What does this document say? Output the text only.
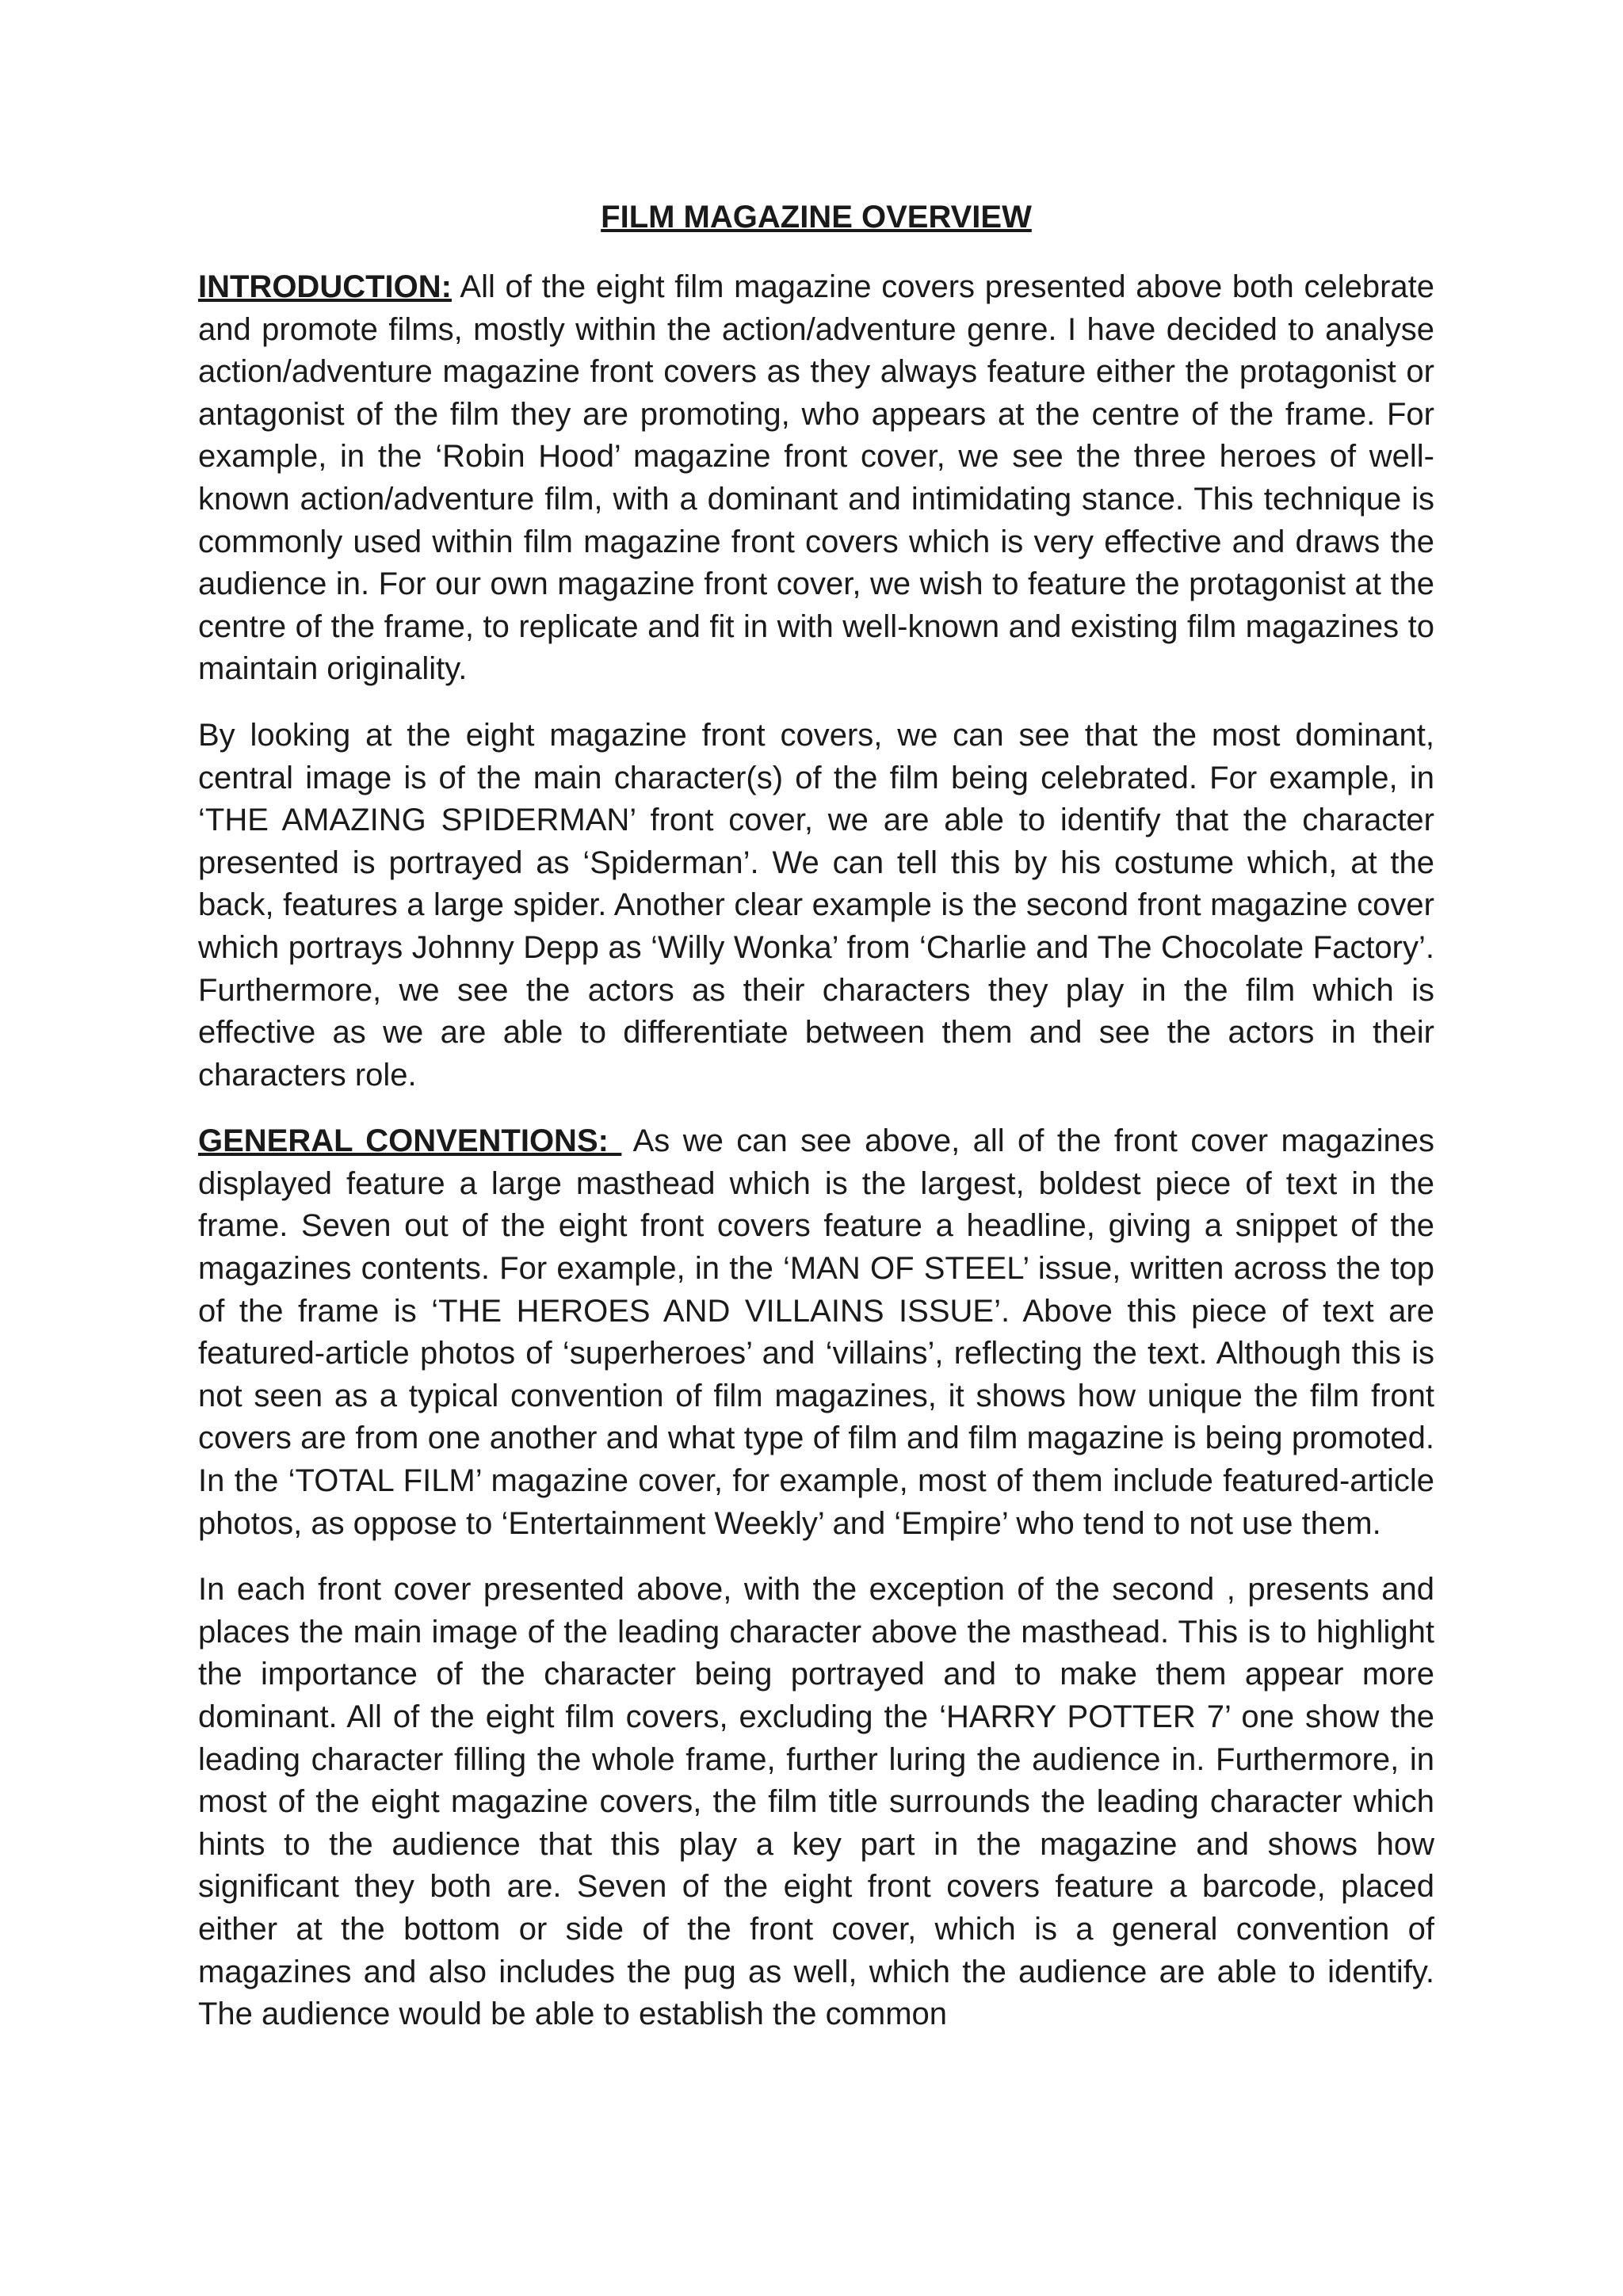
FILM MAGAZINE OVERVIEW

INTRODUCTION: All of the eight film magazine covers presented above both celebrate and promote films, mostly within the action/adventure genre. I have decided to analyse action/adventure magazine front covers as they always feature either the protagonist or antagonist of the film they are promoting, who appears at the centre of the frame. For example, in the ‘Robin Hood’ magazine front cover, we see the three heroes of well-known action/adventure film, with a dominant and intimidating stance. This technique is commonly used within film magazine front covers which is very effective and draws the audience in. For our own magazine front cover, we wish to feature the protagonist at the centre of the frame, to replicate and fit in with well-known and existing film magazines to maintain originality.

By looking at the eight magazine front covers, we can see that the most dominant, central image is of the main character(s) of the film being celebrated. For example, in ‘THE AMAZING SPIDERMAN’ front cover, we are able to identify that the character presented is portrayed as ‘Spiderman’. We can tell this by his costume which, at the back, features a large spider. Another clear example is the second front magazine cover which portrays Johnny Depp as ‘Willy Wonka’ from ‘Charlie and The Chocolate Factory’. Furthermore, we see the actors as their characters they play in the film which is effective as we are able to differentiate between them and see the actors in their characters role.

GENERAL CONVENTIONS:  As we can see above, all of the front cover magazines displayed feature a large masthead which is the largest, boldest piece of text in the frame. Seven out of the eight front covers feature a headline, giving a snippet of the magazines contents. For example, in the ‘MAN OF STEEL’ issue, written across the top of the frame is ‘THE HEROES AND VILLAINS ISSUE’. Above this piece of text are featured-article photos of ‘superheroes’ and ‘villains’, reflecting the text. Although this is not seen as a typical convention of film magazines, it shows how unique the film front covers are from one another and what type of film and film magazine is being promoted. In the ‘TOTAL FILM’ magazine cover, for example, most of them include featured-article photos, as oppose to ‘Entertainment Weekly’ and ‘Empire’ who tend to not use them.

In each front cover presented above, with the exception of the second , presents and places the main image of the leading character above the masthead. This is to highlight the importance of the character being portrayed and to make them appear more dominant. All of the eight film covers, excluding the ‘HARRY POTTER 7’ one show the leading character filling the whole frame, further luring the audience in. Furthermore, in most of the eight magazine covers, the film title surrounds the leading character which hints to the audience that this play a key part in the magazine and shows how significant they both are. Seven of the eight front covers feature a barcode, placed either at the bottom or side of the front cover, which is a general convention of magazines and also includes the pug as well, which the audience are able to identify. The audience would be able to establish the common
